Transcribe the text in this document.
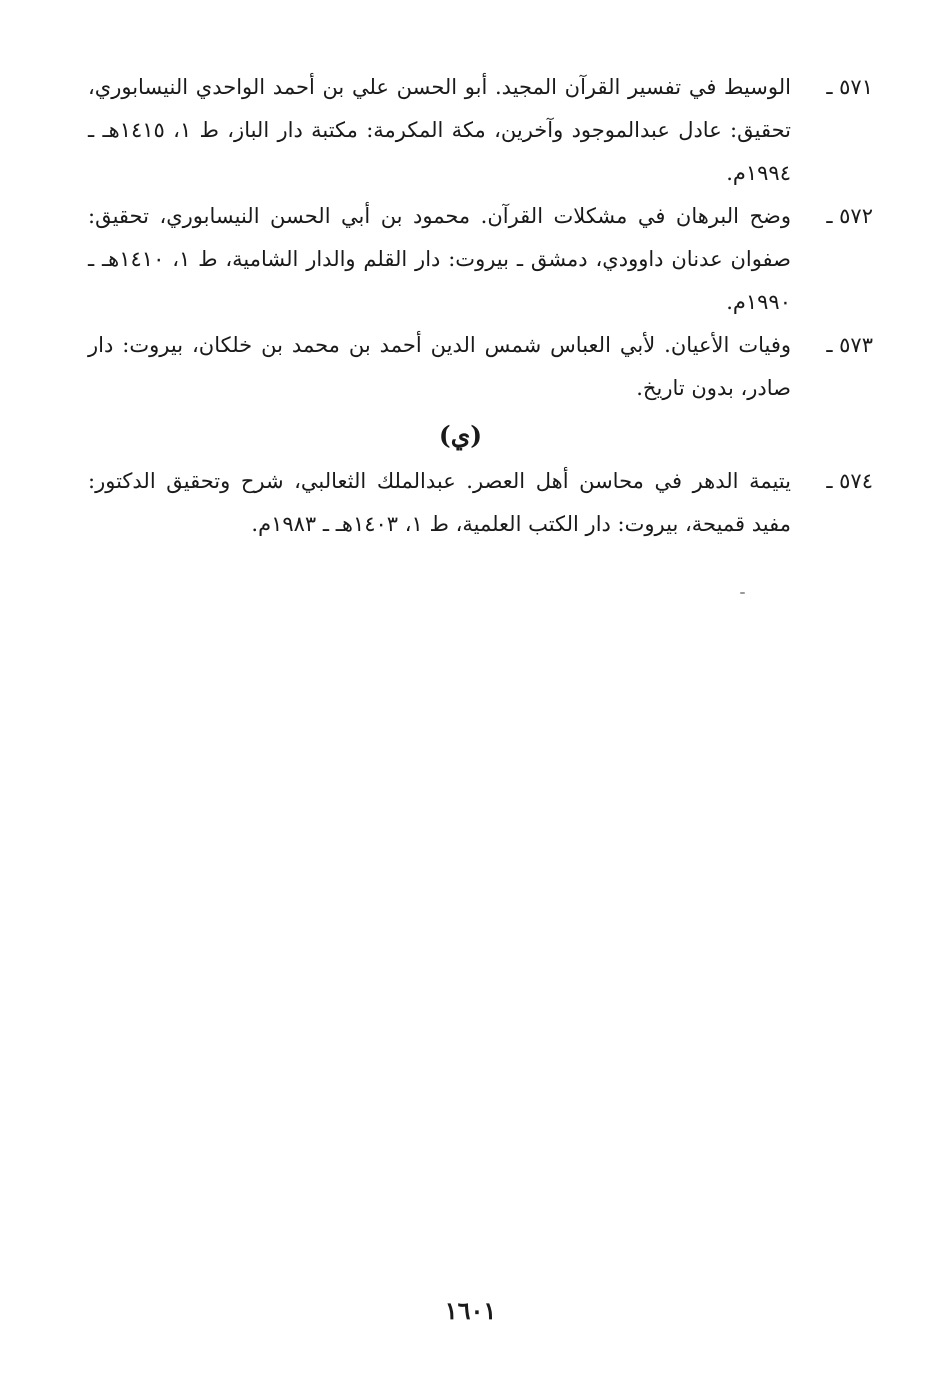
٥٧١ ـ
الوسيط في تفسير القرآن المجيد. أبو الحسن علي بن أحمد الواحدي النيسابوري، تحقيق: عادل عبدالموجود وآخرين، مكة المكرمة: مكتبة دار الباز، ط ١، ١٤١٥هـ ـ ١٩٩٤م.
٥٧٢ ـ
وضح البرهان في مشكلات القرآن. محمود بن أبي الحسن النيسابوري، تحقيق: صفوان عدنان داوودي، دمشق ـ بيروت: دار القلم والدار الشامية، ط ١، ١٤١٠هـ ـ ١٩٩٠م.
٥٧٣ ـ
وفيات الأعيان. لأبي العباس شمس الدين أحمد بن محمد بن خلكان، بيروت: دار صادر، بدون تاريخ.
(ي)
٥٧٤ ـ
يتيمة الدهر في محاسن أهل العصر. عبدالملك الثعالبي، شرح وتحقيق الدكتور: مفيد قميحة، بيروت: دار الكتب العلمية، ط ١، ١٤٠٣هـ ـ ١٩٨٣م.
١٦٠١
